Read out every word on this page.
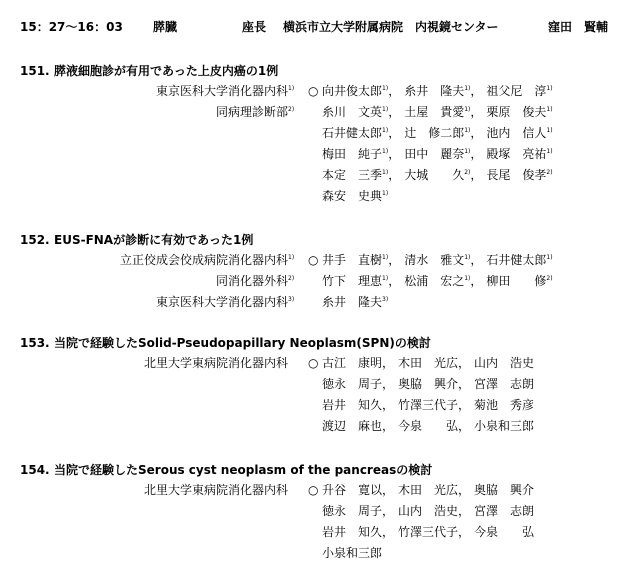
15：27〜16：03	膵臓	座長 横浜市立大学附属病院　内視鏡センター	窪田　賢輔
151. 膵液細胞診が有用であった上皮内癌の1例
東京医科大学 消化器内科$^{1)}$ ○ 向井俊太郎$^{1)}$， 糸井　隆夫$^{1)}$， 祖父尼　淳$^{1)}$
同 病理診断部$^{2)}$	糸川　文英$^{1)}$， 土屋　貴愛$^{1)}$， 栗原　俊夫$^{1)}$
石井健太郎$^{1)}$， 辻　修二郎$^{1)}$， 池内　信人$^{1)}$
梅田　純子$^{1)}$， 田中　麗奈$^{1)}$， 殿塚　亮祐$^{1)}$
本定　三季$^{1)}$， 大城　　久$^{2)}$， 長尾　俊孝$^{2)}$
森安　史典$^{1)}$
152. EUS-FNAが診断に有効であった1例
立正佼成会佼成病院 消化器内科$^{1)}$ ○ 井手　直樹$^{1)}$， 清水　雅文$^{1)}$， 石井健太郎$^{1)}$
同 消化器外科$^{2)}$	竹下　理恵$^{1)}$， 松浦　宏之$^{1)}$， 柳田　　修$^{2)}$
東京医科大学 消化器内科$^{3)}$	糸井　隆夫$^{3)}$
153. 当院で経験したSolid-Pseudopapillary Neoplasm(SPN)の検討
北里大学東病院 消化器内科 ○ 古江　康明， 木田　光広， 山内　浩史
徳永　周子， 奥脇　興介， 宮澤　志朗
岩井　知久， 竹澤三代子， 菊池　秀彦
渡辺　麻也， 今泉　　弘， 小泉和三郎
154. 当院で経験したSerous cyst neoplasm of the pancreasの検討
北里大学東病院 消化器内科 ○ 升谷　寛以， 木田　光広， 奥脇　興介
徳永　周子， 山内　浩史， 宮澤　志朗
岩井　知久， 竹澤三代子， 今泉　　弘
小泉和三郎
